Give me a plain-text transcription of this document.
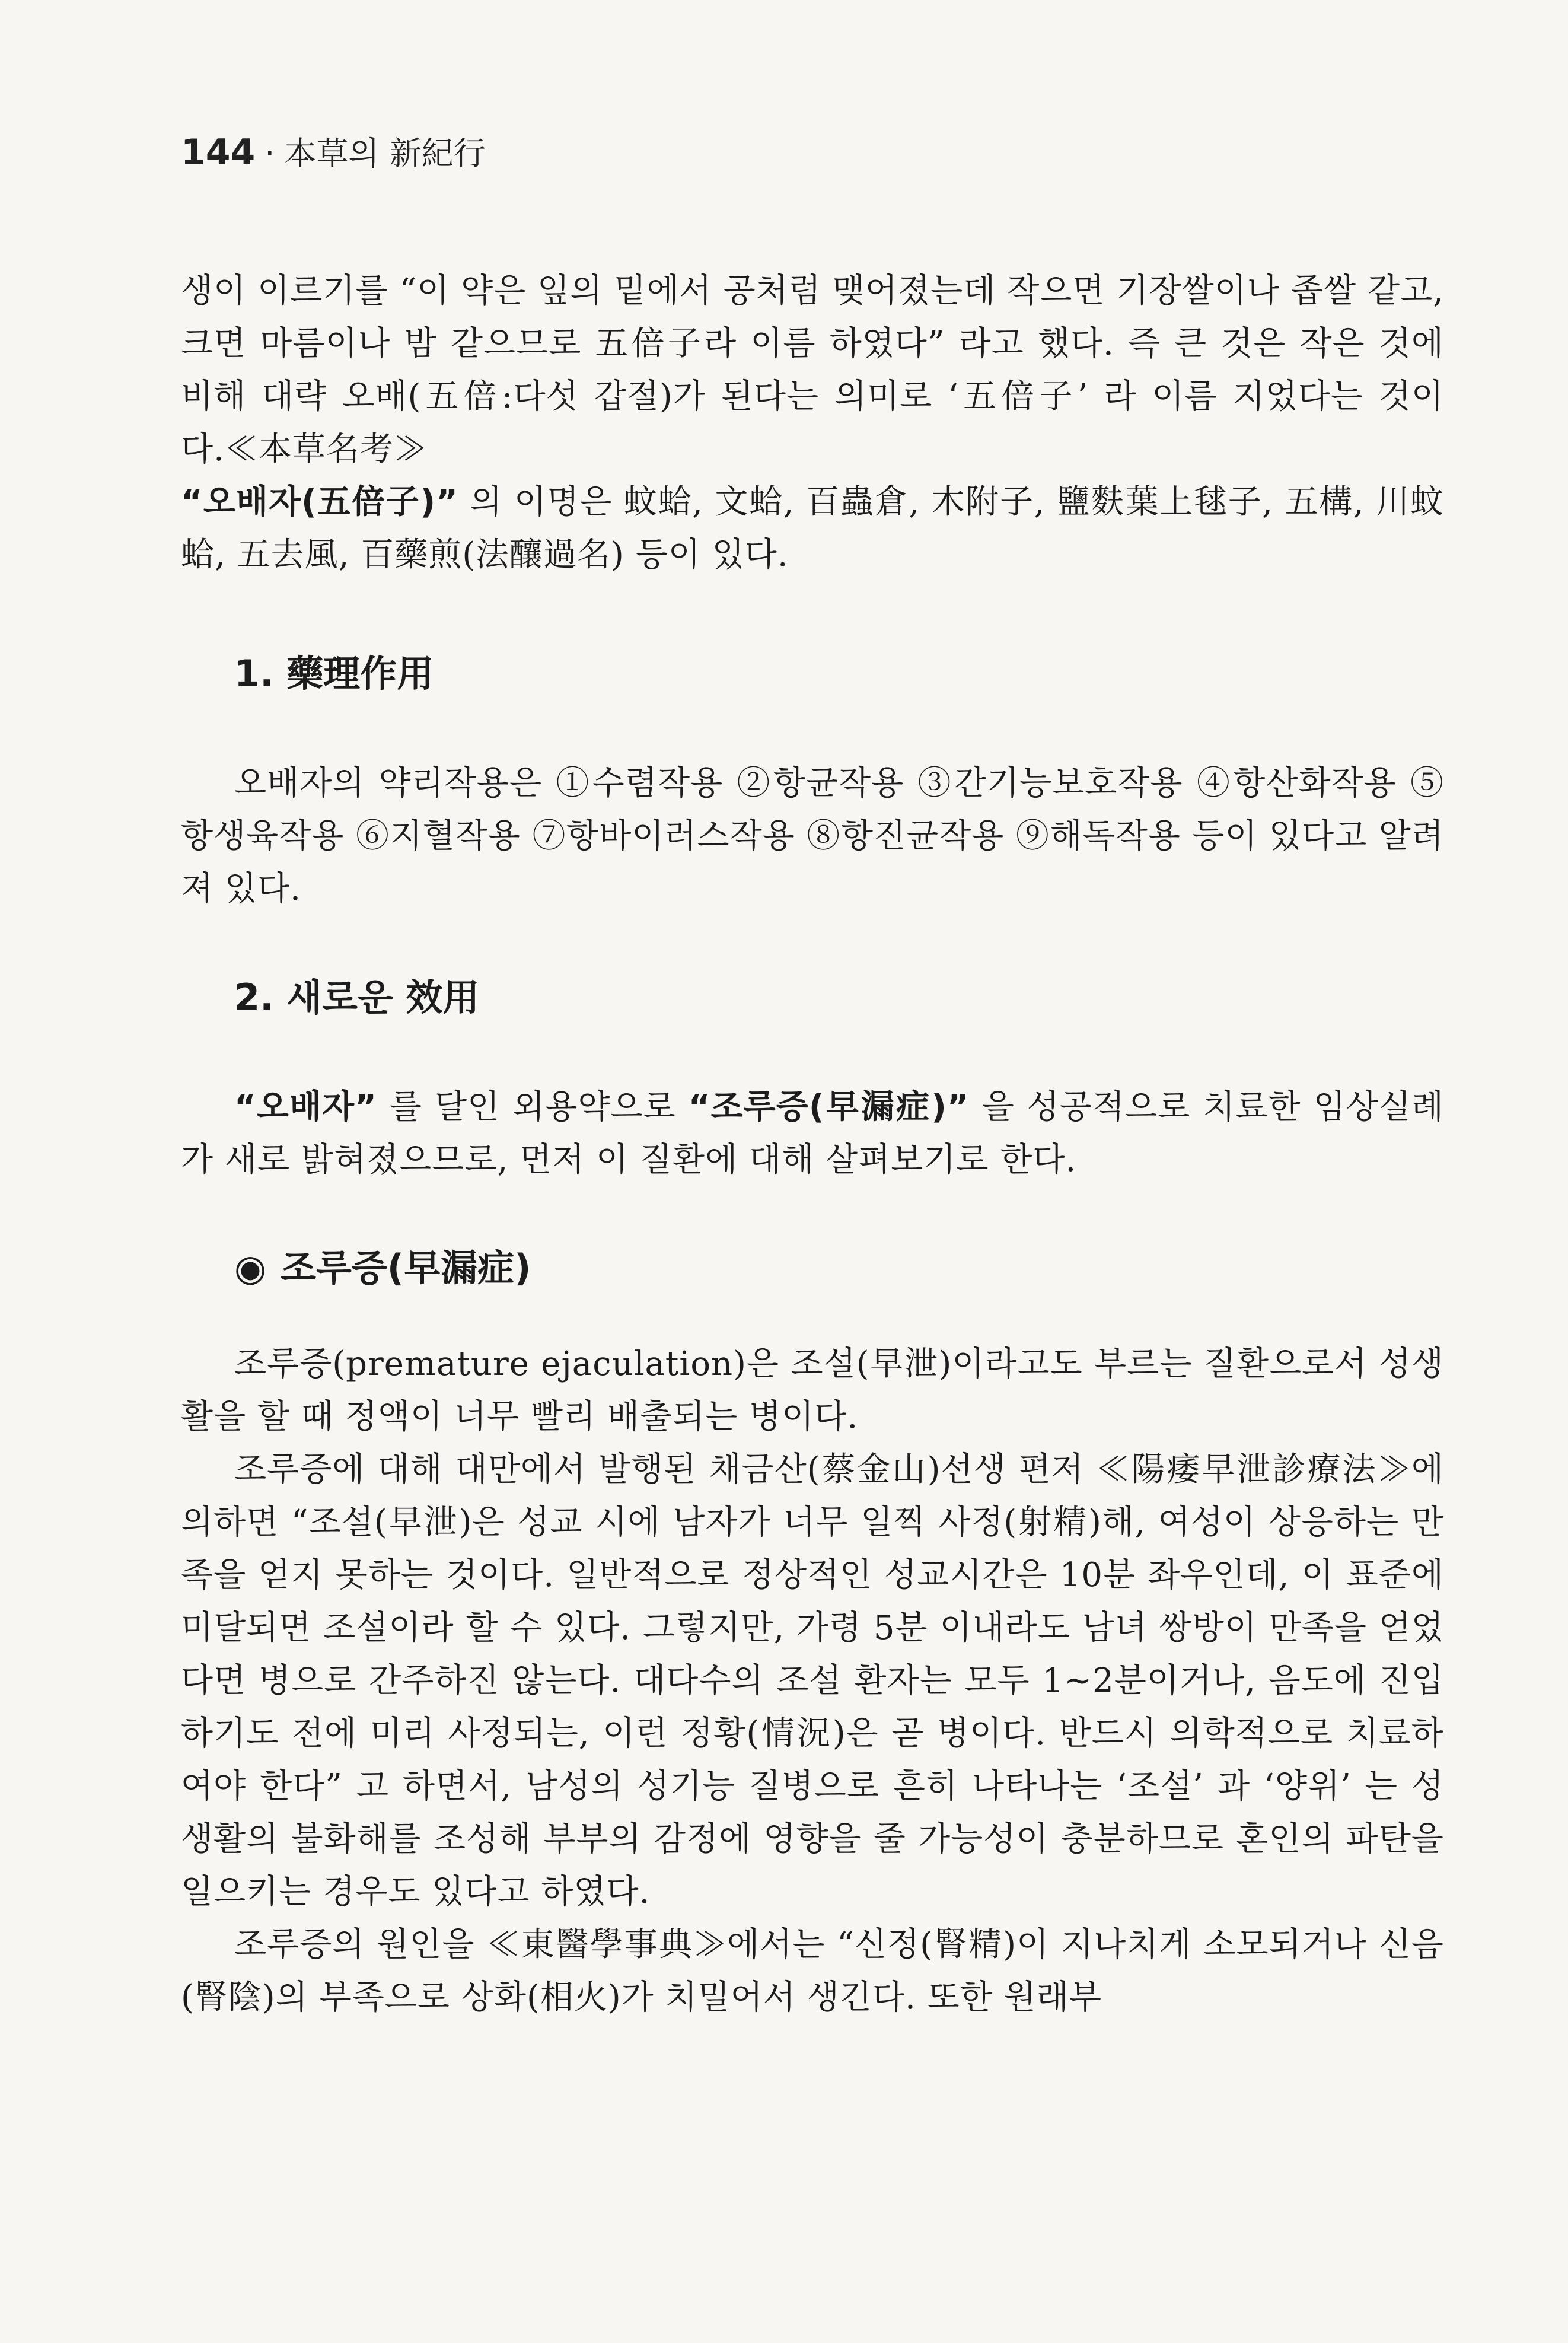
144 · 本草의 新紀行

생이 이르기를 “이 약은 잎의 밑에서 공처럼 맺어졌는데 작으면 기장쌀이나 좁쌀 같고, 크면 마름이나 밤 같으므로 五倍子라 이름 하였다” 라고 했다. 즉 큰 것은 작은 것에 비해 대략 오배(五倍:다섯 갑절)가 된다는 의미로 ‘五倍子’ 라 이름 지었다는 것이다.≪本草名考≫

“오배자(五倍子)” 의 이명은 蚊蛤, 文蛤, 百蟲倉, 木附子, 鹽麩葉上毬子, 五構, 川蚊蛤, 五去風, 百藥煎(法釀過名) 등이 있다.

1. 藥理作用
오배자의 약리작용은 ①수렴작용 ②항균작용 ③간기능보호작용 ④항산화작용 ⑤항생육작용 ⑥지혈작용 ⑦항바이러스작용 ⑧항진균작용 ⑨해독작용 등이 있다고 알려져 있다.
2. 새로운 效用
“오배자” 를 달인 외용약으로 “조루증(早漏症)” 을 성공적으로 치료한 임상실례가 새로 밝혀졌으므로, 먼저 이 질환에 대해 살펴보기로 한다.
◉ 조루증(早漏症)

조루증(premature ejaculation)은 조설(早泄)이라고도 부르는 질환으로서 성생활을 할 때 정액이 너무 빨리 배출되는 병이다.

조루증에 대해 대만에서 발행된 채금산(蔡金山)선생 편저 ≪陽痿早泄診療法≫에 의하면 “조설(早泄)은 성교 시에 남자가 너무 일찍 사정(射精)해, 여성이 상응하는 만족을 얻지 못하는 것이다. 일반적으로 정상적인 성교시간은 10분 좌우인데, 이 표준에 미달되면 조설이라 할 수 있다. 그렇지만, 가령 5분 이내라도 남녀 쌍방이 만족을 얻었다면 병으로 간주하진 않는다. 대다수의 조설 환자는 모두 1~2분이거나, 음도에 진입하기도 전에 미리 사정되는, 이런 정황(情況)은 곧 병이다. 반드시 의학적으로 치료하여야 한다” 고 하면서, 남성의 성기능 질병으로 흔히 나타나는 ‘조설’ 과 ‘양위’ 는 성생활의 불화해를 조성해 부부의 감정에 영향을 줄 가능성이 충분하므로 혼인의 파탄을 일으키는 경우도 있다고 하였다.

조루증의 원인을 ≪東醫學事典≫에서는 “신정(腎精)이 지나치게 소모되거나 신음(腎陰)의 부족으로 상화(相火)가 치밀어서 생긴다. 또한 원래부
